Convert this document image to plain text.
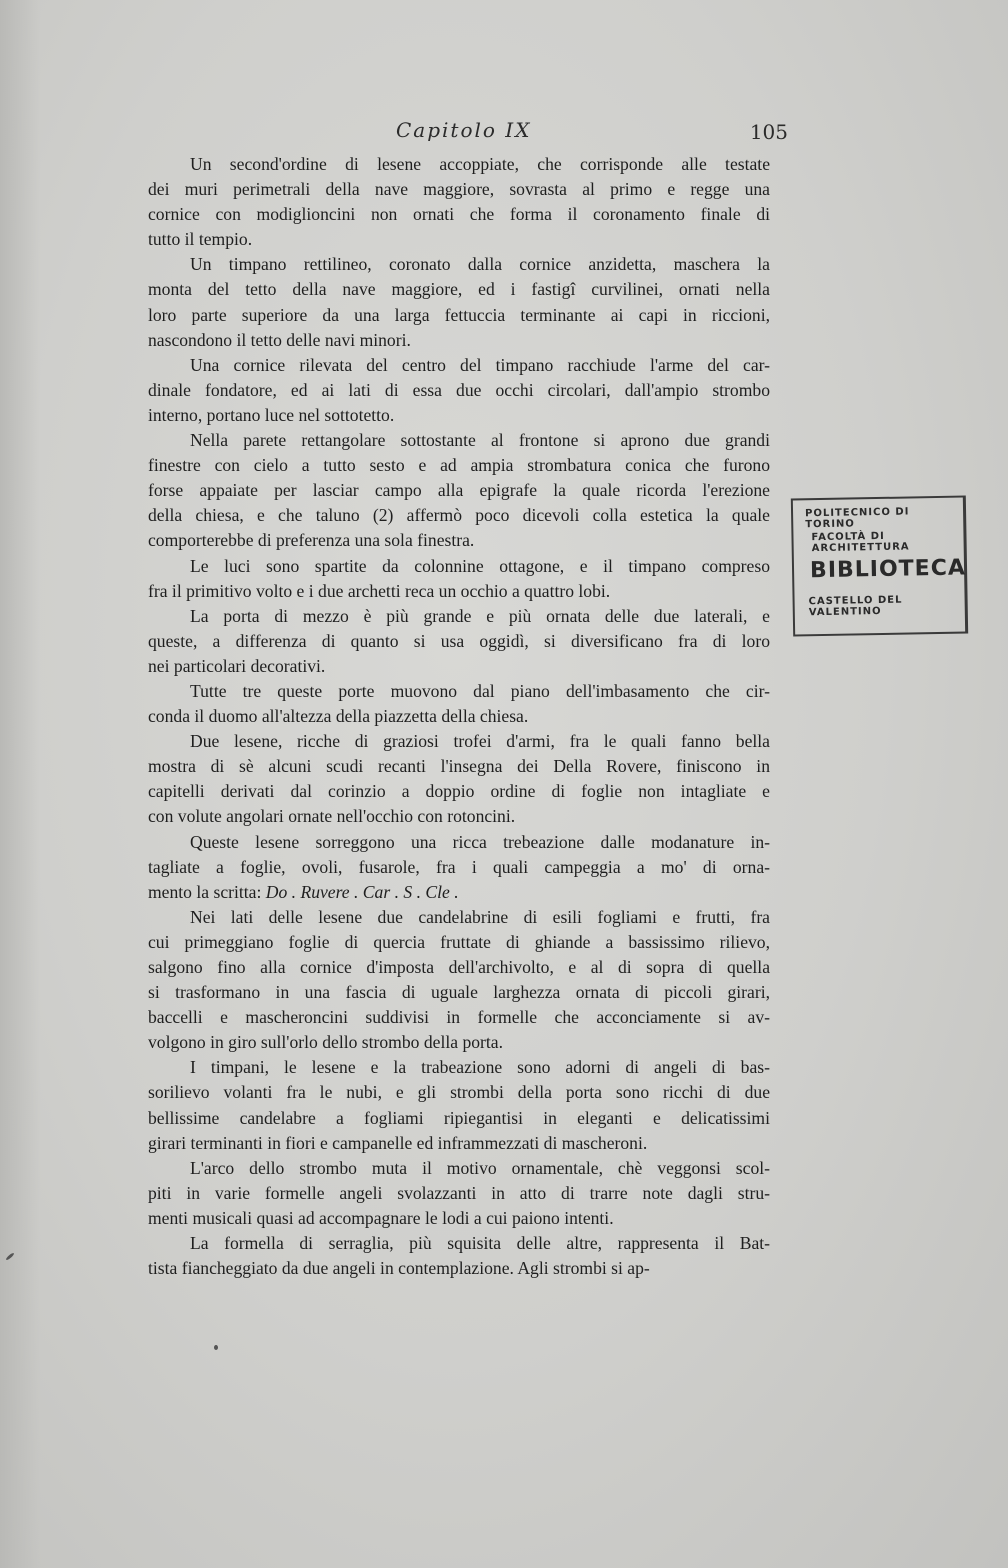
Capitolo IX	105

Un second'ordine di lesene accoppiate, che corrisponde alle testate
dei muri perimetrali della nave maggiore, sovrasta al primo e regge una
cornice con modiglioncini non ornati che forma il coronamento finale di
tutto il tempio.

Un timpano rettilineo, coronato dalla cornice anzidetta, maschera la
monta del tetto della nave maggiore, ed i fastigî curvilinei, ornati nella
loro parte superiore da una larga fettuccia terminante ai capi in riccioni,
nascondono il tetto delle navi minori.

Una cornice rilevata del centro del timpano racchiude l'arme del car-
dinale fondatore, ed ai lati di essa due occhi circolari, dall'ampio strombo
interno, portano luce nel sottotetto.

Nella parete rettangolare sottostante al frontone si aprono due grandi
finestre con cielo a tutto sesto e ad ampia strombatura conica che furono
forse appaiate per lasciar campo alla epigrafe la quale ricorda l'erezione
della chiesa, e che taluno (2) affermò poco dicevoli colla estetica la quale
comporterebbe di preferenza una sola finestra.

Le luci sono spartite da colonnine ottagone, e il timpano compreso
fra il primitivo volto e i due archetti reca un occhio a quattro lobi.

La porta di mezzo è più grande e più ornata delle due laterali, e
queste, a differenza di quanto si usa oggidì, si diversificano fra di loro
nei particolari decorativi.

Tutte tre queste porte muovono dal piano dell'imbasamento che cir-
conda il duomo all'altezza della piazzetta della chiesa.

Due lesene, ricche di graziosi trofei d'armi, fra le quali fanno bella
mostra di sè alcuni scudi recanti l'insegna dei Della Rovere, finiscono in
capitelli derivati dal corinzio a doppio ordine di foglie non intagliate e
con volute angolari ornate nell'occhio con rotoncini.

Queste lesene sorreggono una ricca trebeazione dalle modanature in-
tagliate a foglie, ovoli, fusarole, fra i quali campeggia a mo' di orna-
mento la scritta: Do . Ruvere . Car . S . Cle .

Nei lati delle lesene due candelabrine di esili fogliami e frutti, fra
cui primeggiano foglie di quercia fruttate di ghiande a bassissimo rilievo,
salgono fino alla cornice d'imposta dell'archivolto, e al di sopra di quella
si trasformano in una fascia di uguale larghezza ornata di piccoli girari,
baccelli e mascheroncini suddivisi in formelle che acconciamente si av-
volgono in giro sull'orlo dello strombo della porta.

I timpani, le lesene e la trabeazione sono adorni di angeli di bas-
sorilievo volanti fra le nubi, e gli strombi della porta sono ricchi di due
bellissime candelabre a fogliami ripiegantisi in eleganti e delicatissimi
girari terminanti in fiori e campanelle ed inframmezzati di mascheroni.

L'arco dello strombo muta il motivo ornamentale, chè veggonsi scol-
piti in varie formelle angeli svolazzanti in atto di trarre note dagli stru-
menti musicali quasi ad accompagnare le lodi a cui paiono intenti.

La formella di serraglia, più squisita delle altre, rappresenta il Bat-
tista fiancheggiato da due angeli in contemplazione. Agli strombi si ap-

POLITECNICO DI TORINO
FACOLTÀ DI ARCHITETTURA
BIBLIOTECA
CASTELLO DEL VALENTINO
